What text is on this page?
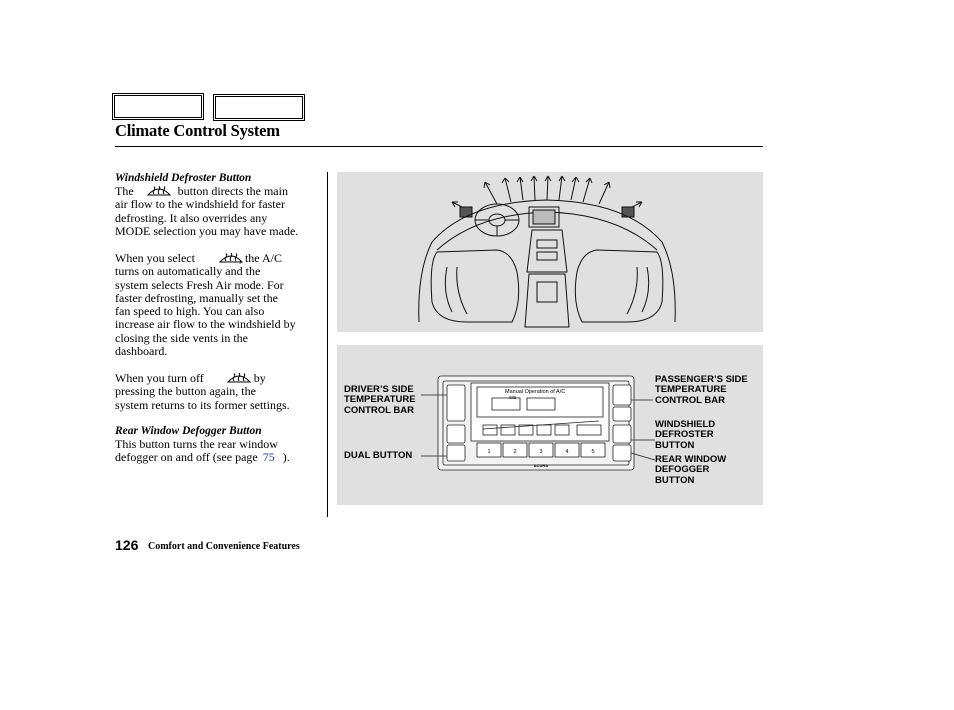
Climate Control System
Windshield Defroster Button
The	button directs the main
air flow to the windshield for faster
defrosting. It also overrides any
MODE selection you may have made.
When you select	, the A/C
turns on automatically and the
system selects Fresh Air mode. For
faster defrosting, manually set the
fan speed to high. You can also
increase air flow to the windshield by
closing the side vents in the
dashboard.
When you turn off	by
pressing the button again, the
system returns to its former settings.
Rear Window Defogger Button
This button turns the rear window
defogger on and off (see page 75 ).
Manual Operation of A/C
S/E
1	2	3	4	5
ACURA
DRIVER’S SIDE
TEMPERATURE
CONTROL BAR
DUAL BUTTON
PASSENGER’S SIDE
TEMPERATURE
CONTROL BAR
WINDSHIELD
DEFROSTER
BUTTON
REAR WINDOW
DEFOGGER
BUTTON
126 Comfort and Convenience Features
